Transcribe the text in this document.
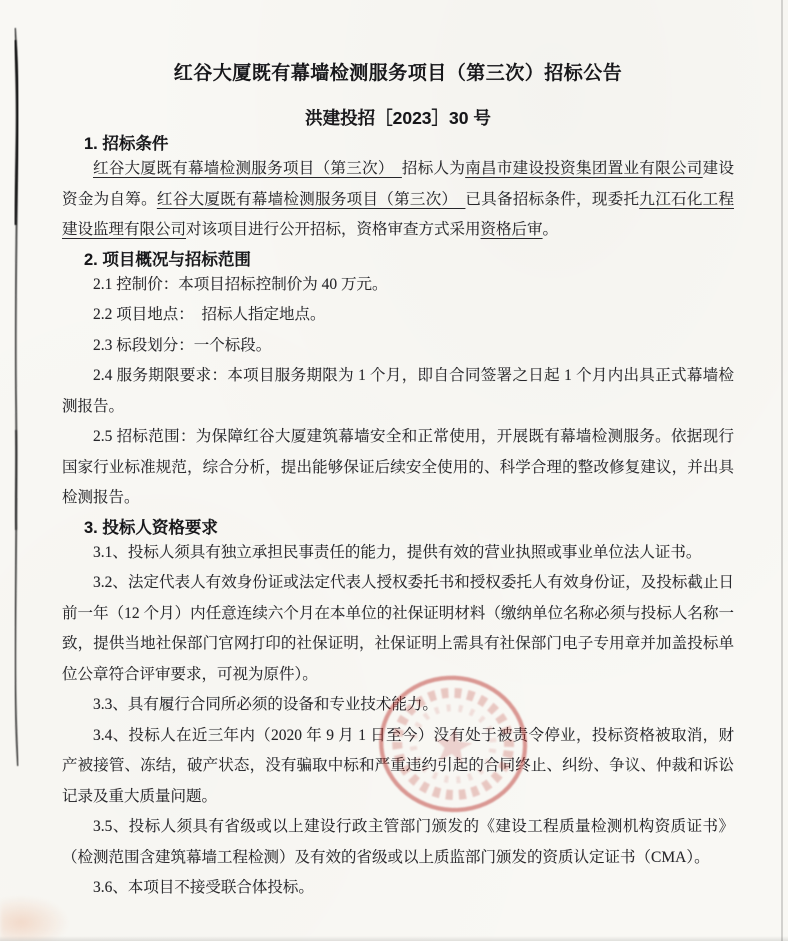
红谷大厦既有幕墙检测服务项目（第三次）招标公告
洪建投招［2023］30 号
1. 招标条件

红谷大厦既有幕墙检测服务项目（第三次）　招标人为南昌市建设投资集团置业有限公司建设资金为自筹。红谷大厦既有幕墙检测服务项目（第三次）　已具备招标条件，现委托九江石化工程建设监理有限公司对该项目进行公开招标，资格审查方式采用资格后审。

2. 项目概况与招标范围

2.1 控制价：本项目招标控制价为 40 万元。

2.2 项目地点：　招标人指定地点。

2.3 标段划分：一个标段。

2.4 服务期限要求：本项目服务期限为 1 个月，即自合同签署之日起 1 个月内出具正式幕墙检测报告。

2.5 招标范围：为保障红谷大厦建筑幕墙安全和正常使用，开展既有幕墙检测服务。依据现行国家行业标准规范，综合分析，提出能够保证后续安全使用的、科学合理的整改修复建议，并出具检测报告。

3. 投标人资格要求

3.1、投标人须具有独立承担民事责任的能力，提供有效的营业执照或事业单位法人证书。

3.2、法定代表人有效身份证或法定代表人授权委托书和授权委托人有效身份证，及投标截止日前一年（12 个月）内任意连续六个月在本单位的社保证明材料（缴纳单位名称必须与投标人名称一致，提供当地社保部门官网打印的社保证明，社保证明上需具有社保部门电子专用章并加盖投标单位公章符合评审要求，可视为原件）。

3.3、具有履行合同所必须的设备和专业技术能力。

3.4、投标人在近三年内（2020 年 9 月 1 日至今）没有处于被责令停业，投标资格被取消，财产被接管、冻结，破产状态，没有骗取中标和严重违约引起的合同终止、纠纷、争议、仲裁和诉讼记录及重大质量问题。

3.5、投标人须具有省级或以上建设行政主管部门颁发的《建设工程质量检测机构资质证书》（检测范围含建筑幕墙工程检测）及有效的省级或以上质监部门颁发的资质认定证书（CMA）。

3.6、本项目不接受联合体投标。
